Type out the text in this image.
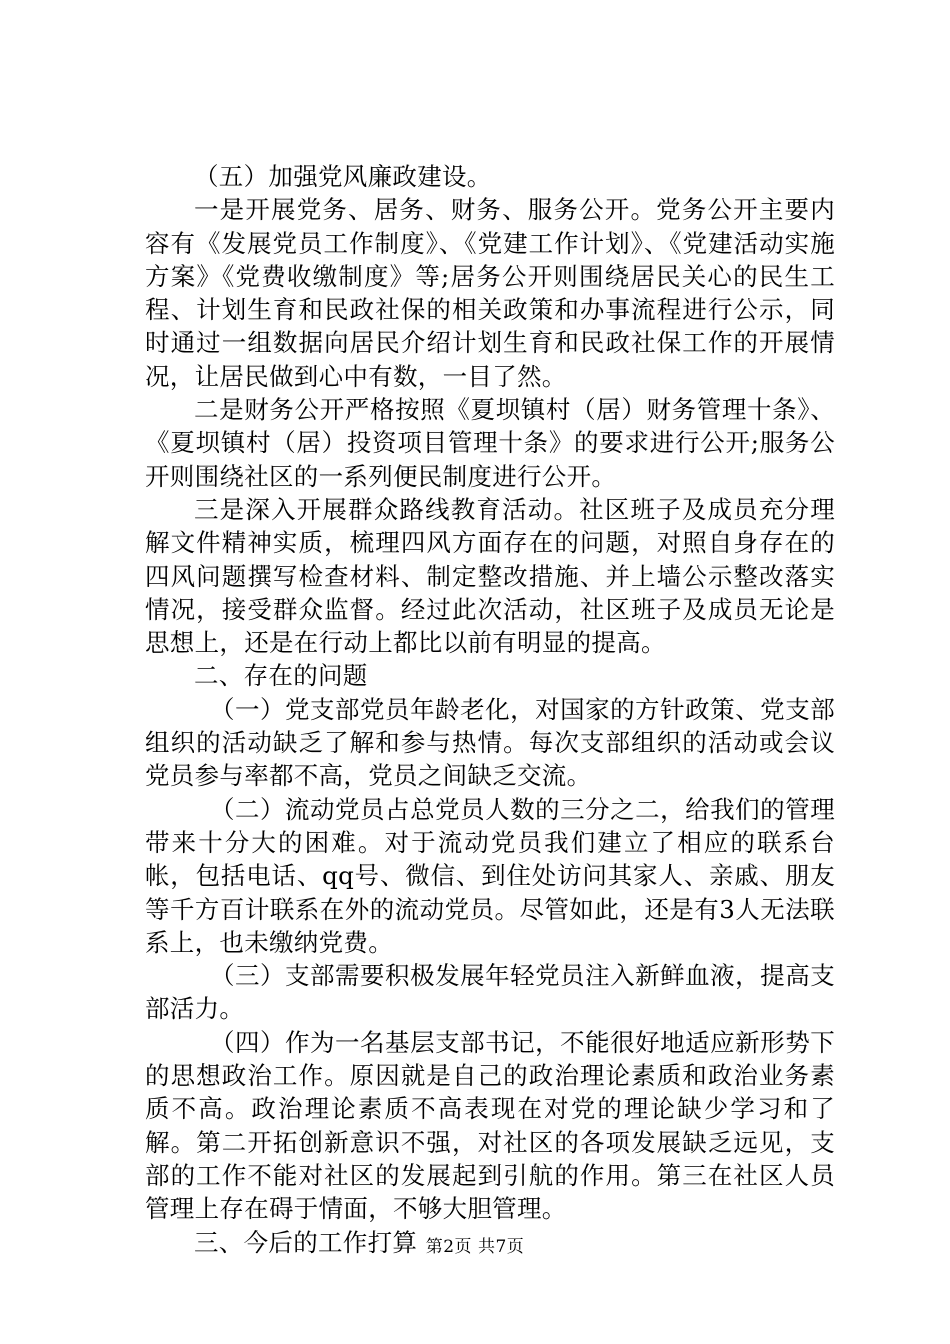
（五）加强党风廉政建设。

一是开展党务、居务、财务、服务公开。党务公开主要内容有《发展党员工作制度》、《党建工作计划》、《党建活动实施方案》《党费收缴制度》等;居务公开则围绕居民关心的民生工程、计划生育和民政社保的相关政策和办事流程进行公示，同时通过一组数据向居民介绍计划生育和民政社保工作的开展情况，让居民做到心中有数，一目了然。

二是财务公开严格按照《夏坝镇村（居）财务管理十条》、《夏坝镇村（居）投资项目管理十条》的要求进行公开;服务公开则围绕社区的一系列便民制度进行公开。

三是深入开展群众路线教育活动。社区班子及成员充分理解文件精神实质，梳理四风方面存在的问题，对照自身存在的四风问题撰写检查材料、制定整改措施、并上墙公示整改落实情况，接受群众监督。经过此次活动，社区班子及成员无论是思想上，还是在行动上都比以前有明显的提高。

二、存在的问题

（一）党支部党员年龄老化，对国家的方针政策、党支部组织的活动缺乏了解和参与热情。每次支部组织的活动或会议党员参与率都不高，党员之间缺乏交流。

（二）流动党员占总党员人数的三分之二，给我们的管理带来十分大的困难。对于流动党员我们建立了相应的联系台帐，包括电话、qq号、微信、到住处访问其家人、亲戚、朋友等千方百计联系在外的流动党员。尽管如此，还是有3人无法联系上，也未缴纳党费。

（三）支部需要积极发展年轻党员注入新鲜血液，提高支部活力。

（四）作为一名基层支部书记，不能很好地适应新形势下的思想政治工作。原因就是自己的政治理论素质和政治业务素质不高。政治理论素质不高表现在对党的理论缺少学习和了解。第二开拓创新意识不强，对社区的各项发展缺乏远见，支部的工作不能对社区的发展起到引航的作用。第三在社区人员管理上存在碍于情面，不够大胆管理。

三、今后的工作打算 第2页 共7页
